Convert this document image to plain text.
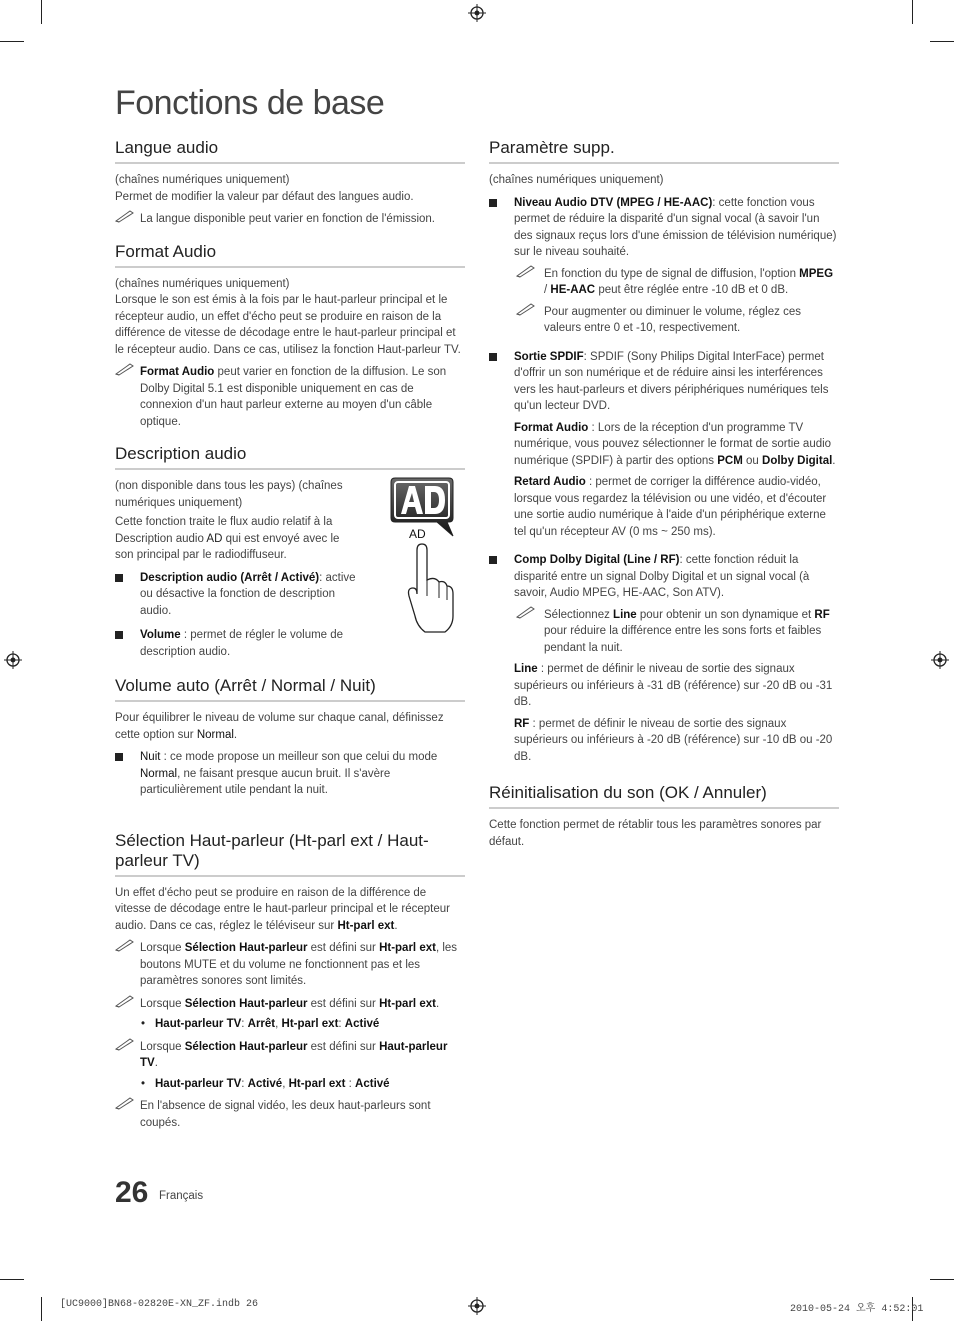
Fonctions de base
Langue audio

(chaînes numériques uniquement)

Permet de modifier la valeur par défaut des langues audio.

La langue disponible peut varier en fonction de l'émission.
Format Audio

(chaînes numériques uniquement)

Lorsque le son est émis à la fois par le haut-parleur principal et le récepteur audio, un effet d'écho peut se produire en raison de la différence de vitesse de décodage entre le haut-parleur principal et le récepteur audio. Dans ce cas, utilisez la fonction Haut-parleur TV.

Format Audio peut varier en fonction de la diffusion. Le son Dolby Digital 5.1 est disponible uniquement en cas de connexion d'un haut parleur externe au moyen d'un câble optique.
Description audio

(non disponible dans tous les pays) (chaînes numériques uniquement)

Cette fonction traite le flux audio relatif à la Description audio AD qui est envoyé avec le son principal par le radiodiffuseur.

Description audio (Arrêt / Activé): active ou désactive la fonction de description audio.
Volume : permet de régler le volume de description audio.
AD
Volume auto (Arrêt / Normal / Nuit)

Pour équilibrer le niveau de volume sur chaque canal, définissez cette option sur Normal.

Nuit : ce mode propose un meilleur son que celui du mode Normal, ne faisant presque aucun bruit. Il s'avère particulièrement utile pendant la nuit.
Sélection Haut-parleur (Ht-parl ext / Haut-parleur TV)

Un effet d'écho peut se produire en raison de la différence de vitesse de décodage entre le haut-parleur principal et le récepteur audio. Dans ce cas, réglez le téléviseur sur Ht-parl ext.

Lorsque Sélection Haut-parleur est défini sur Ht-parl ext, les boutons MUTE et du volume ne fonctionnent pas et les paramètres sonores sont limités.
Lorsque Sélection Haut-parleur est défini sur Ht-parl ext.
• Haut-parleur TV: Arrêt, Ht-parl ext: Activé
Lorsque Sélection Haut-parleur est défini sur Haut-parleur TV.
• Haut-parleur TV: Activé, Ht-parl ext : Activé
En l'absence de signal vidéo, les deux haut-parleurs sont coupés.
Paramètre supp.

(chaînes numériques uniquement)

Niveau Audio DTV (MPEG / HE-AAC): cette fonction vous permet de réduire la disparité d'un signal vocal (à savoir l'un des signaux reçus lors d'une émission de télévision numérique) sur le niveau souhaité.
En fonction du type de signal de diffusion, l'option MPEG / HE-AAC peut être réglée entre -10 dB et 0 dB.
Pour augmenter ou diminuer le volume, réglez ces valeurs entre 0 et -10, respectivement.
Sortie SPDIF: SPDIF (Sony Philips Digital InterFace) permet d'offrir un son numérique et de réduire ainsi les interférences vers les haut-parleurs et divers périphériques numériques tels qu'un lecteur DVD.
Format Audio : Lors de la réception d'un programme TV numérique, vous pouvez sélectionner le format de sortie audio numérique (SPDIF) à partir des options PCM ou Dolby Digital.
Retard Audio : permet de corriger la différence audio-vidéo, lorsque vous regardez la télévision ou une vidéo, et d'écouter une sortie audio numérique à l'aide d'un périphérique externe tel qu'un récepteur AV (0 ms ~ 250 ms).
Comp Dolby Digital (Line / RF): cette fonction réduit la disparité entre un signal Dolby Digital et un signal vocal (à savoir, Audio MPEG, HE-AAC, Son ATV).
Sélectionnez Line pour obtenir un son dynamique et RF pour réduire la différence entre les sons forts et faibles pendant la nuit.
Line : permet de définir le niveau de sortie des signaux supérieurs ou inférieurs à -31 dB (référence) sur -20 dB ou -31 dB.
RF : permet de définir le niveau de sortie des signaux supérieurs ou inférieurs à -20 dB (référence) sur -10 dB ou -20 dB.
Réinitialisation du son (OK / Annuler)

Cette fonction permet de rétablir tous les paramètres sonores par défaut.

26 Français
[UC9000]BN68-02820E-XN_ZF.indb 26	2010-05-24 오후 4:52:01
